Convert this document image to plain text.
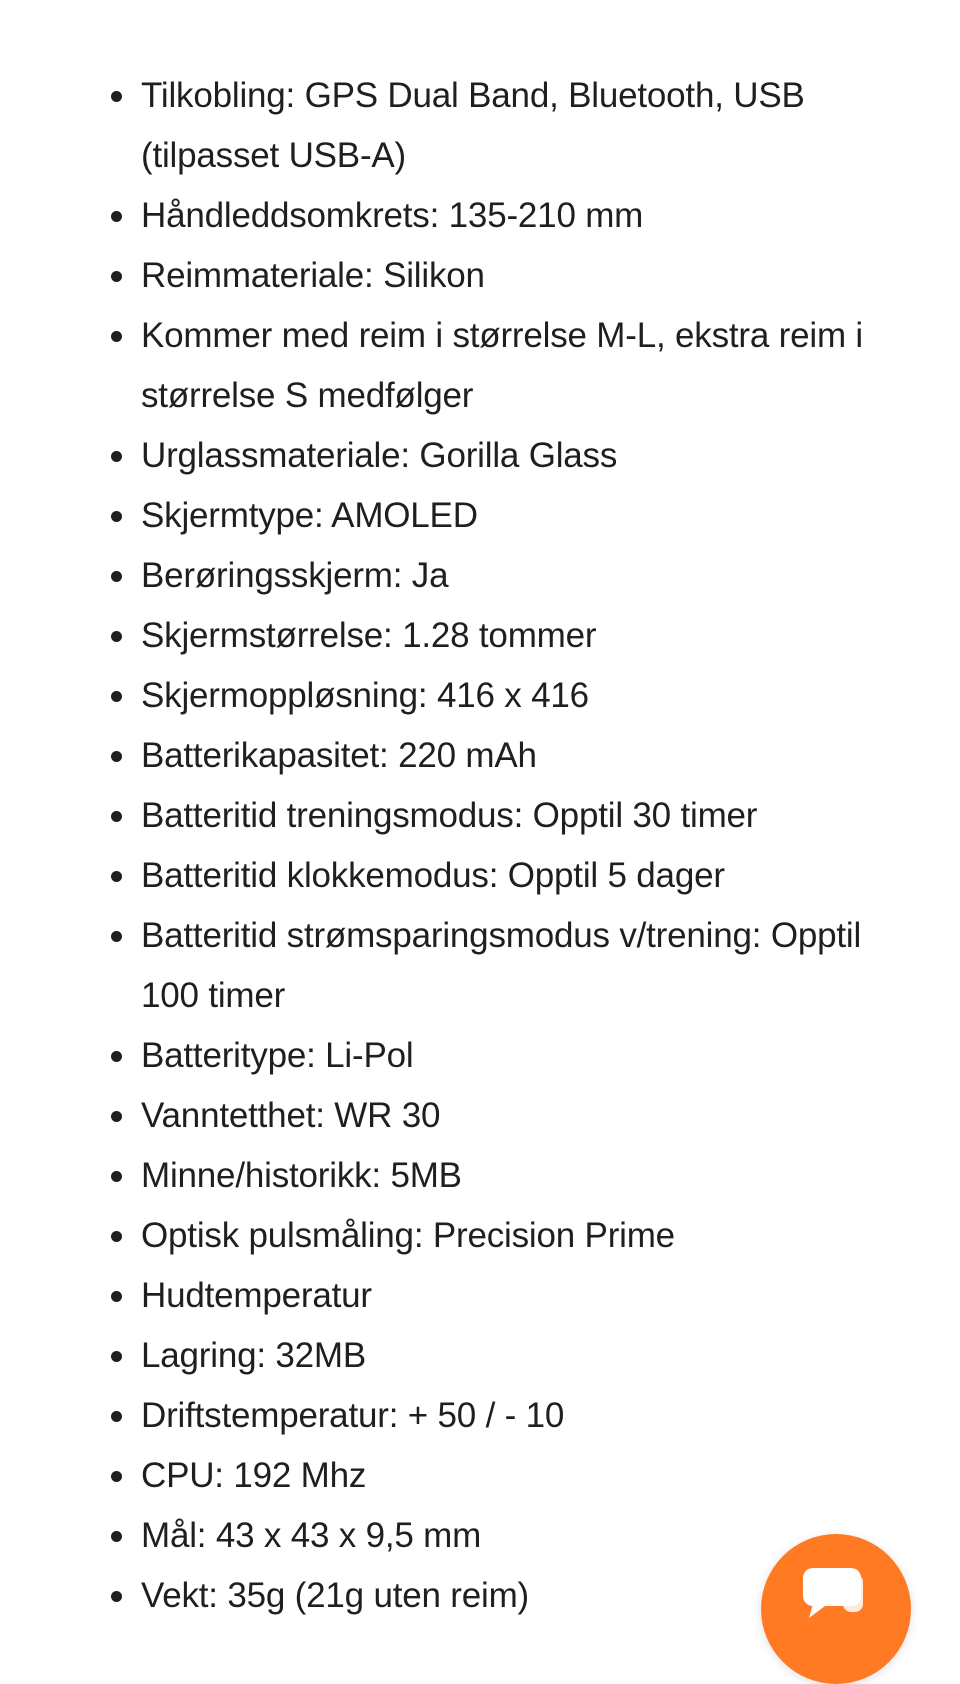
Tilkobling: GPS Dual Band, Bluetooth, USB (tilpasset USB-A)
Håndleddsomkrets: 135-210 mm
Reimmateriale: Silikon
Kommer med reim i størrelse M-L, ekstra reim i størrelse S medfølger
Urglassmateriale: Gorilla Glass
Skjermtype: AMOLED
Berøringsskjerm: Ja
Skjermstørrelse: 1.28 tommer
Skjermoppløsning: 416 x 416
Batterikapasitet: 220 mAh
Batteritid treningsmodus: Opptil 30 timer
Batteritid klokkemodus: Opptil 5 dager
Batteritid strømsparingsmodus v/trening: Opptil 100 timer
Batteritype: Li-Pol
Vanntetthet: WR 30
Minne/historikk: 5MB
Optisk pulsmåling: Precision Prime
Hudtemperatur
Lagring: 32MB
Driftstemperatur: + 50 / - 10
CPU: 192 Mhz
Mål: 43 x 43 x 9,5 mm
Vekt: 35g (21g uten reim)
